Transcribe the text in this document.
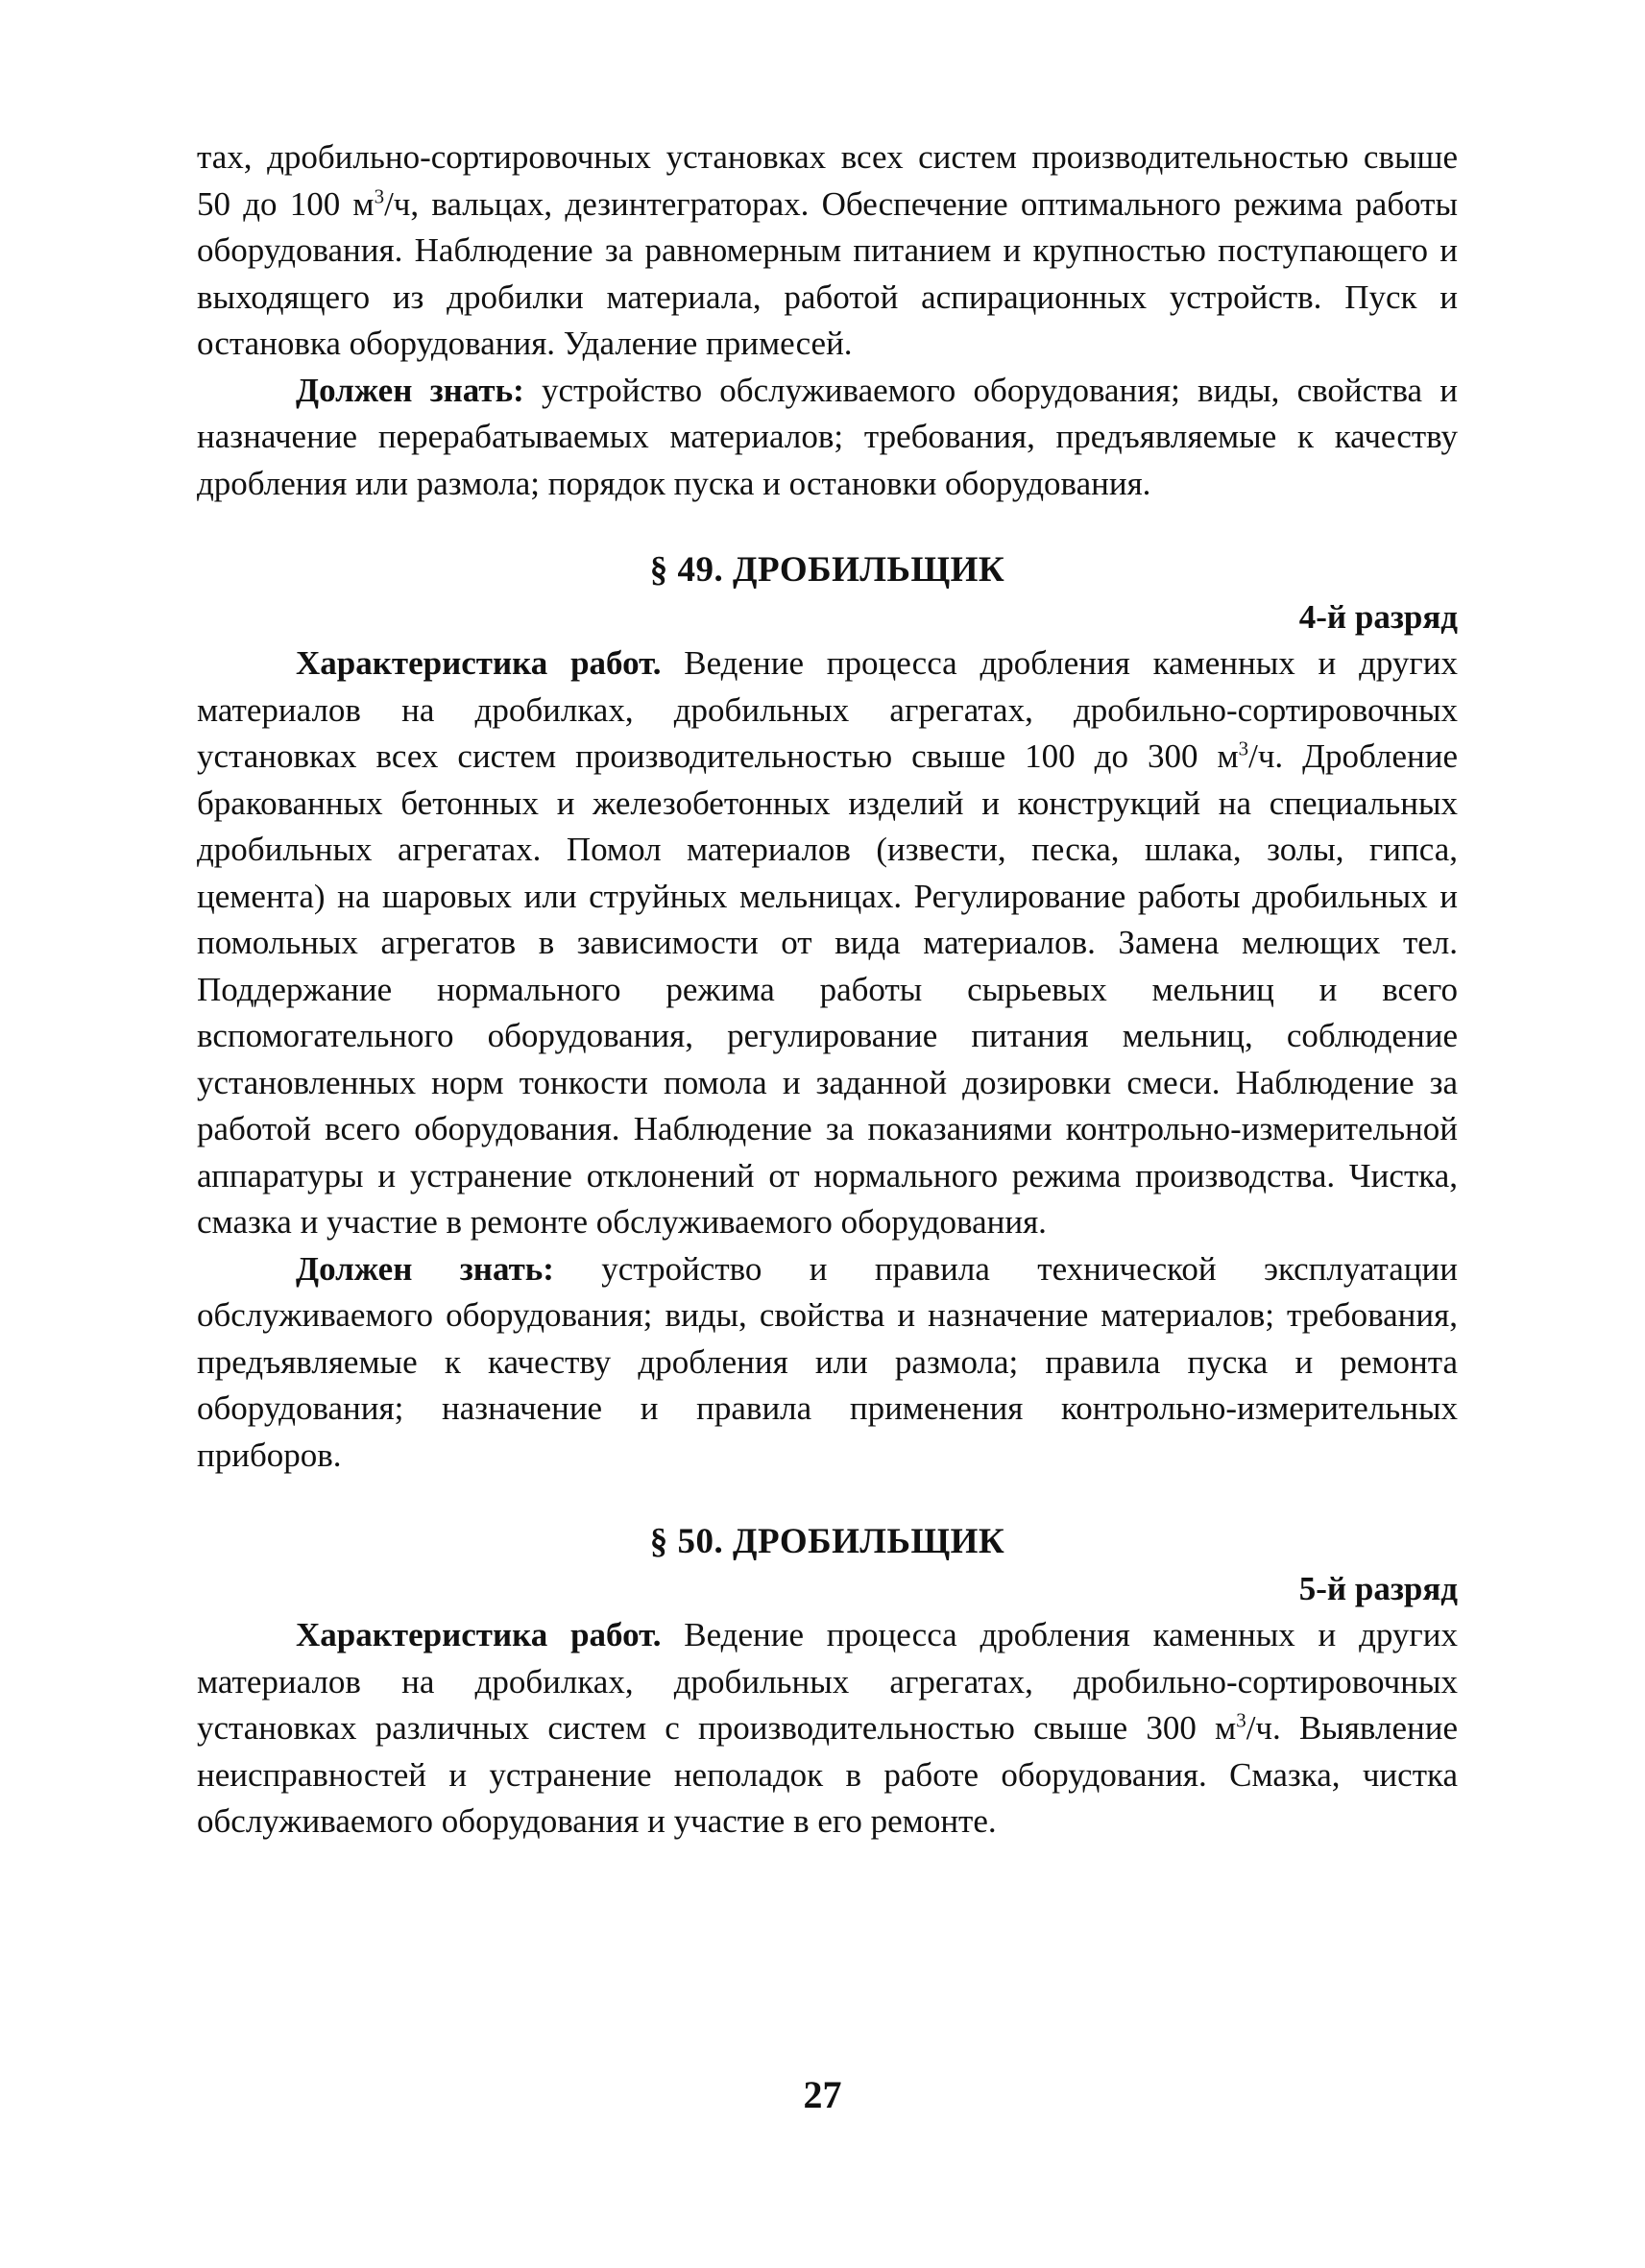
тах, дробильно-сортировочных установках всех систем производительностью свыше 50 до 100 $м^3/ч$, вальцах, дезинтеграторах. Обеспечение оптимального режима работы оборудования. Наблюдение за равномерным питанием и крупностью поступающего и выходящего из дробилки материала, работой аспирационных устройств. Пуск и остановка оборудования. Удаление примесей.

Должен знать: устройство обслуживаемого оборудования; виды, свойства и назначение перерабатываемых материалов; требования, предъявляемые к качеству дробления или размола; порядок пуска и остановки оборудования.

§ 49. ДРОБИЛЬЩИК
4-й разряд

Характеристика работ. Ведение процесса дробления каменных и других материалов на дробилках, дробильных агрегатах, дробильно-сортировочных установках всех систем производительностью свыше 100 до 300 $м^3/ч$. Дробление бракованных бетонных и железобетонных изделий и конструкций на специальных дробильных агрегатах. Помол материалов (извести, песка, шлака, золы, гипса, цемента) на шаровых или струйных мельницах. Регулирование работы дробильных и помольных агрегатов в зависимости от вида материалов. Замена мелющих тел. Поддержание нормального режима работы сырьевых мельниц и всего вспомогательного оборудования, регулирование питания мельниц, соблюдение установленных норм тонкости помола и заданной дозировки смеси. Наблюдение за работой всего оборудования. Наблюдение за показаниями контрольно-измерительной аппаратуры и устранение отклонений от нормального режима производства. Чистка, смазка и участие в ремонте обслуживаемого оборудования.

Должен знать: устройство и правила технической эксплуатации обслуживаемого оборудования; виды, свойства и назначение материалов; требования, предъявляемые к качеству дробления или размола; правила пуска и ремонта оборудования; назначение и правила применения контрольно-измерительных приборов.

§ 50. ДРОБИЛЬЩИК
5-й разряд

Характеристика работ. Ведение процесса дробления каменных и других материалов на дробилках, дробильных агрегатах, дробильно-сортировочных установках различных систем с производительностью свыше 300 $м^3/ч$. Выявление неисправностей и устранение неполадок в работе оборудования. Смазка, чистка обслуживаемого оборудования и участие в его ремонте.

27
